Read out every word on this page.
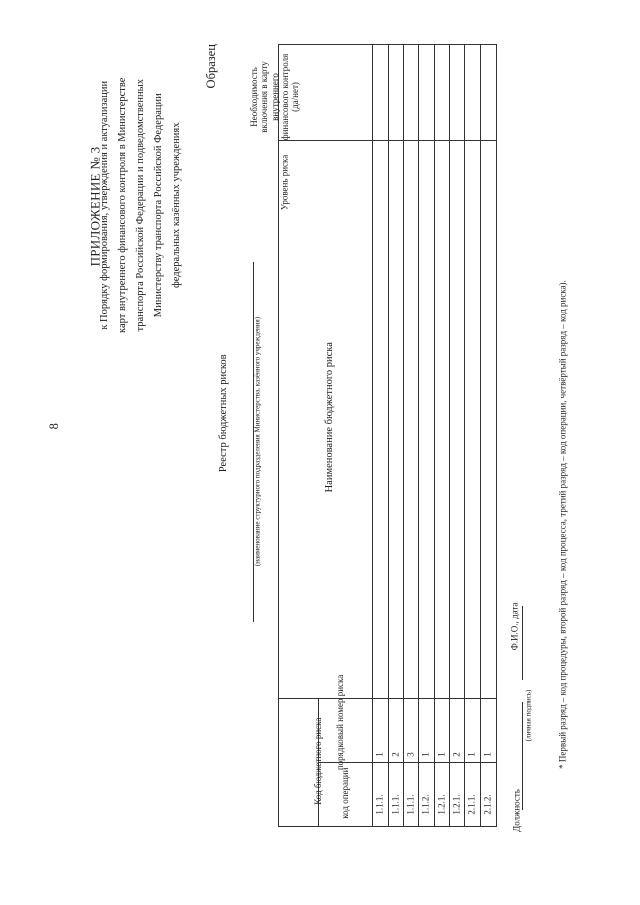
8
ПРИЛОЖЕНИЕ № 3
к Порядку формирования, утверждения и актуализации карт внутреннего финансового контроля в Министерстве транспорта Российской Федерации и подведомственных Министерству транспорта Российской Федерации федеральных казённых учреждениях
Образец
Реестр бюджетных рисков	(наименование структурного подразделения Министерства, казённого учреждения)
Код бюджетного риска код операции
порядковый номер риска
Наименование бюджетного риска
Уровень риска
Необходимость включения в карту внутреннего финансового контроля (да/нет)
1.1.1.
1
1.1.1.
2
1.1.1.
3
1.1.2.
1
1.2.1.
1
1.2.1.
2
2.1.1.
1
2.1.2.
1
Должность
(личная подпись)
Ф.И.О., дата	* Первый разряд – код процедуры, второй разряд – код процесса, третий разряд – код операции, четвёртый разряд – код риска).
